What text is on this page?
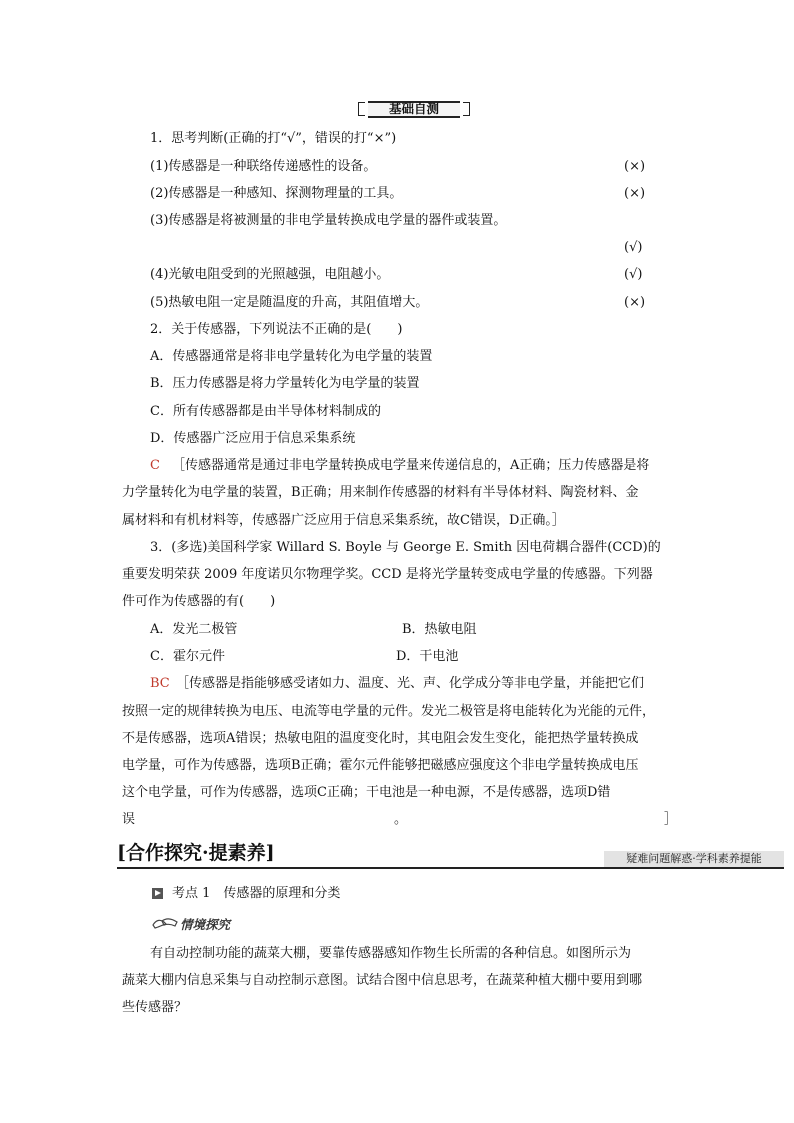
基础自测
1．思考判断(正确的打“√”，错误的打“×”)
(1)传感器是一种联络传递感性的设备。	(×)
(2)传感器是一种感知、探测物理量的工具。	(×)
(3)传感器是将被测量的非电学量转换成电学量的器件或装置。
(√)
(4)光敏电阻受到的光照越强，电阻越小。	(√)
(5)热敏电阻一定是随温度的升高，其阻值增大。	(×)
2．关于传感器，下列说法不正确的是(　　)
A．传感器通常是将非电学量转化为电学量的装置
B．压力传感器是将力学量转化为电学量的装置
C．所有传感器都是由半导体材料制成的
D．传感器广泛应用于信息采集系统
C ［传感器通常是通过非电学量转换成电学量来传递信息的，A正确；压力传感器是将
力学量转化为电学量的装置，B正确；用来制作传感器的材料有半导体材料、陶瓷材料、金
属材料和有机材料等，传感器广泛应用于信息采集系统，故C错误，D正确。］
3．(多选)美国科学家 Willard S. Boyle 与 George E. Smith 因电荷耦合器件(CCD)的
重要发明荣获 2009 年度诺贝尔物理学奖。CCD 是将光学量转变成电学量的传感器。下列器
件可作为传感器的有(　　)
A．发光二极管	B．热敏电阻
C．霍尔元件	D．干电池
BC ［传感器是指能够感受诸如力、温度、光、声、化学成分等非电学量，并能把它们
按照一定的规律转换为电压、电流等电学量的元件。发光二极管是将电能转化为光能的元件，
不是传感器，选项A错误；热敏电阻的温度变化时，其电阻会发生变化，能把热学量转换成
电学量，可作为传感器，选项B正确；霍尔元件能够把磁感应强度这个非电学量转换成电压
这个电学量，可作为传感器，选项C正确；干电池是一种电源，不是传感器，选项D错
误	。	］
[合作探究·提素养]	疑难问题解惑·学科素养提能
考点 1　传感器的原理和分类
情境探究
有自动控制功能的蔬菜大棚，要靠传感器感知作物生长所需的各种信息。如图所示为
蔬菜大棚内信息采集与自动控制示意图。试结合图中信息思考，在蔬菜种植大棚中要用到哪
些传感器？
